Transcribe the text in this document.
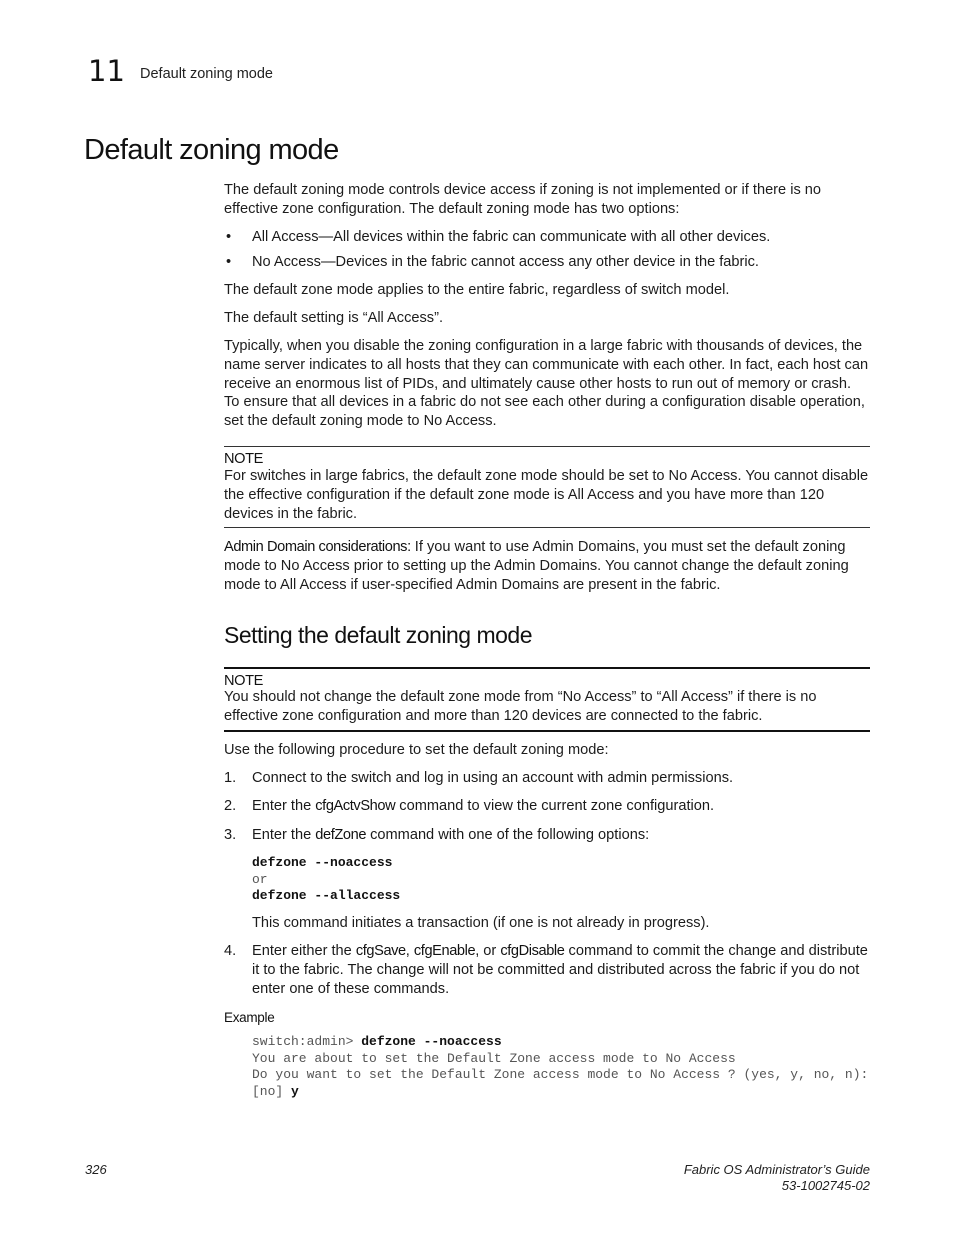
11 Default zoning mode
Default zoning mode
The default zoning mode controls device access if zoning is not implemented or if there is no effective zone configuration. The default zoning mode has two options:
• All Access—All devices within the fabric can communicate with all other devices.
• No Access—Devices in the fabric cannot access any other device in the fabric.
The default zone mode applies to the entire fabric, regardless of switch model.
The default setting is “All Access”.
Typically, when you disable the zoning configuration in a large fabric with thousands of devices, the name server indicates to all hosts that they can communicate with each other. In fact, each host can receive an enormous list of PIDs, and ultimately cause other hosts to run out of memory or crash. To ensure that all devices in a fabric do not see each other during a configuration disable operation, set the default zoning mode to No Access.
NOTE
For switches in large fabrics, the default zone mode should be set to No Access. You cannot disable the effective configuration if the default zone mode is All Access and you have more than 120 devices in the fabric.
Admin Domain considerations: If you want to use Admin Domains, you must set the default zoning mode to No Access prior to setting up the Admin Domains. You cannot change the default zoning mode to All Access if user-specified Admin Domains are present in the fabric.
Setting the default zoning mode
NOTE
You should not change the default zone mode from “No Access” to “All Access” if there is no effective zone configuration and more than 120 devices are connected to the fabric.
Use the following procedure to set the default zoning mode:
1. Connect to the switch and log in using an account with admin permissions.
2. Enter the cfgActvShow command to view the current zone configuration.
3. Enter the defZone command with one of the following options:
defzone --noaccess
or
defzone --allaccess
This command initiates a transaction (if one is not already in progress).
4. Enter either the cfgSave, cfgEnable, or cfgDisable command to commit the change and distribute it to the fabric. The change will not be committed and distributed across the fabric if you do not enter one of these commands.
Example
switch:admin> defzone --noaccess
You are about to set the Default Zone access mode to No Access
Do you want to set the Default Zone access mode to No Access ? (yes, y, no, n):
[no] y
326	Fabric OS Administrator’s Guide
53-1002745-02
